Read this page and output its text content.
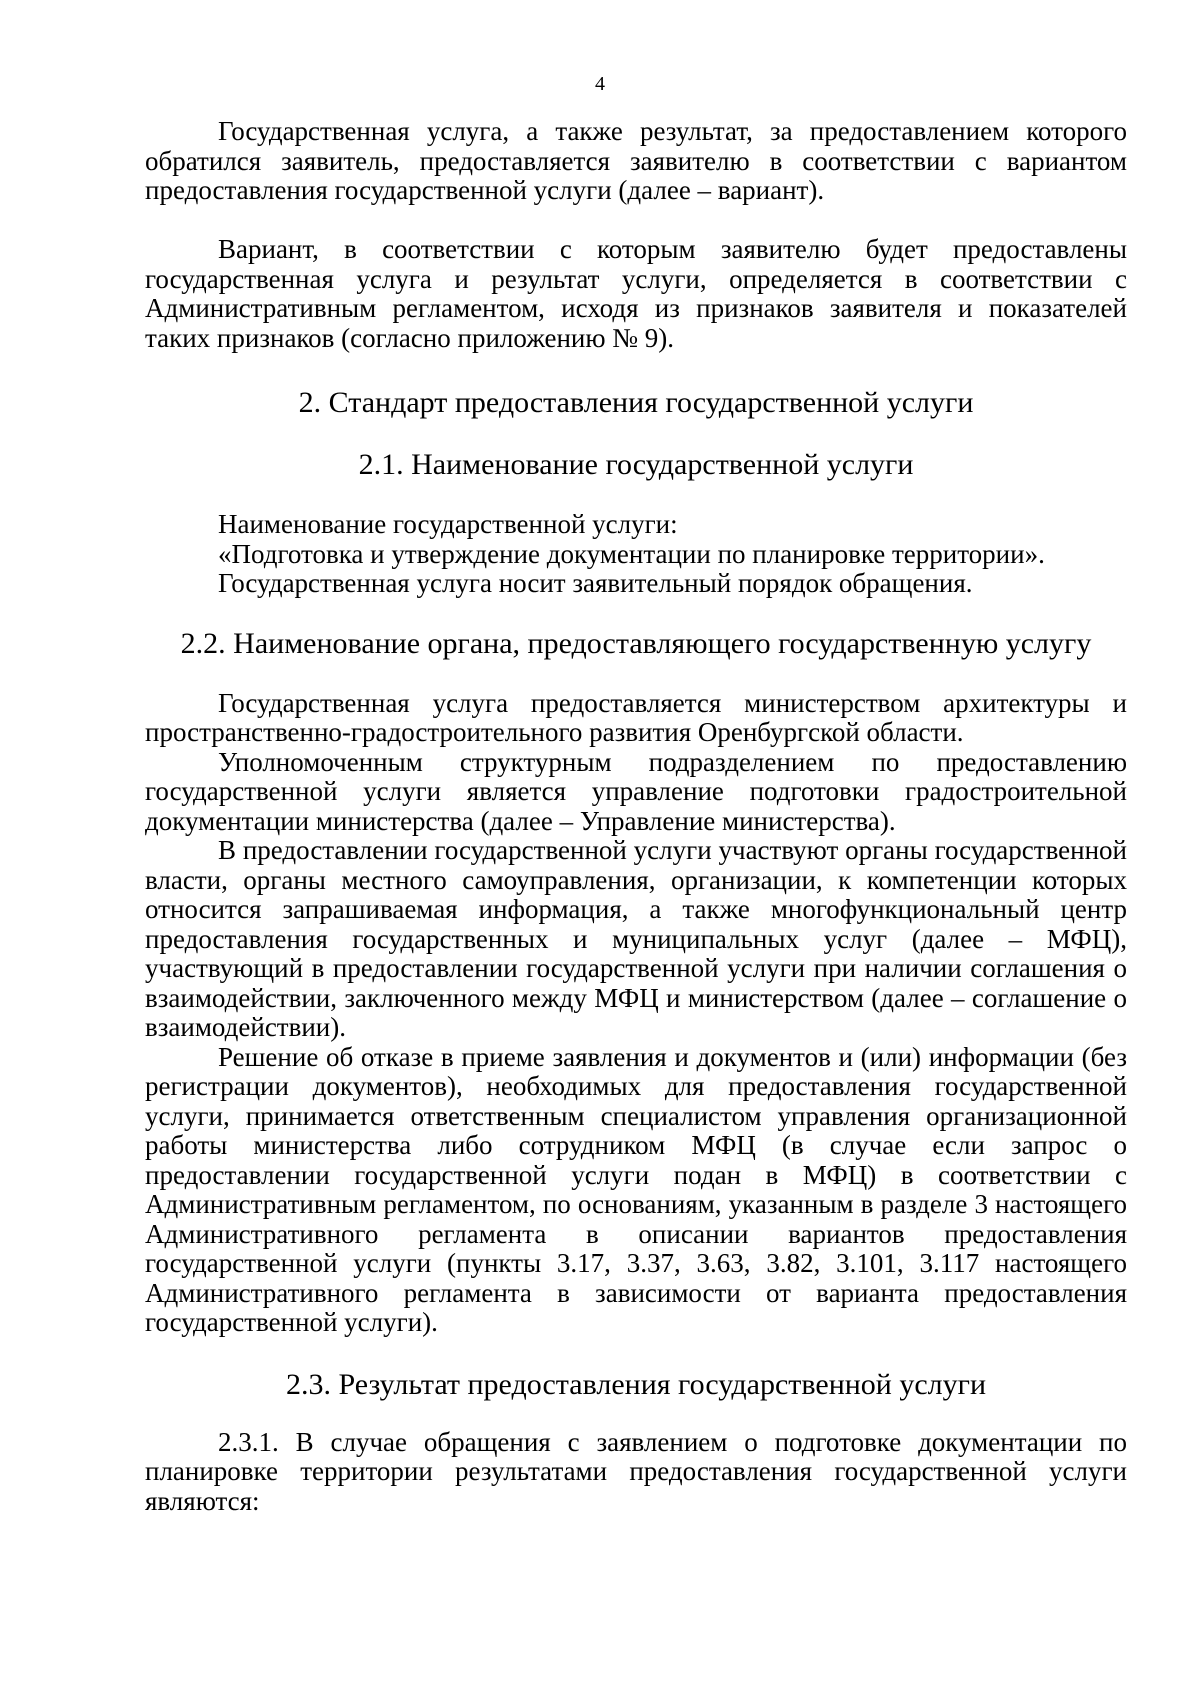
4

Государственная услуга, а также результат, за предоставлением которого обратился заявитель, предоставляется заявителю в соответствии с вариантом предоставления государственной услуги (далее – вариант).

Вариант, в соответствии с которым заявителю будет предоставлены государственная услуга и результат услуги, определяется в соответствии с Административным регламентом, исходя из признаков заявителя и показателей таких признаков (согласно приложению № 9).

2. Стандарт предоставления государственной услуги
2.1. Наименование государственной услуги

Наименование государственной услуги:

«Подготовка и утверждение документации по планировке территории».

Государственная услуга носит заявительный порядок обращения.

2.2. Наименование органа, предоставляющего государственную услугу

Государственная услуга предоставляется министерством архитектуры и пространственно-градостроительного развития Оренбургской области.

Уполномоченным структурным подразделением по предоставлению государственной услуги является управление подготовки градостроительной документации министерства (далее – Управление министерства).

В предоставлении государственной услуги участвуют органы государственной власти, органы местного самоуправления, организации, к компетенции которых относится запрашиваемая информация, а также многофункциональный центр предоставления государственных и муниципальных услуг (далее – МФЦ), участвующий в предоставлении государственной услуги при наличии соглашения о взаимодействии, заключенного между МФЦ и министерством (далее – соглашение о взаимодействии).

Решение об отказе в приеме заявления и документов и (или) информации (без регистрации документов), необходимых для предоставления государственной услуги, принимается ответственным специалистом управления организационной работы министерства либо сотрудником МФЦ (в случае если запрос о предоставлении государственной услуги подан в МФЦ) в соответствии с Административным регламентом, по основаниям, указанным в разделе 3 настоящего Административного регламента в описании вариантов предоставления государственной услуги (пункты 3.17, 3.37, 3.63, 3.82, 3.101, 3.117 настоящего Административного регламента в зависимости от варианта предоставления государственной услуги).

2.3. Результат предоставления государственной услуги

2.3.1. В случае обращения с заявлением о подготовке документации по планировке территории результатами предоставления государственной услуги являются:
